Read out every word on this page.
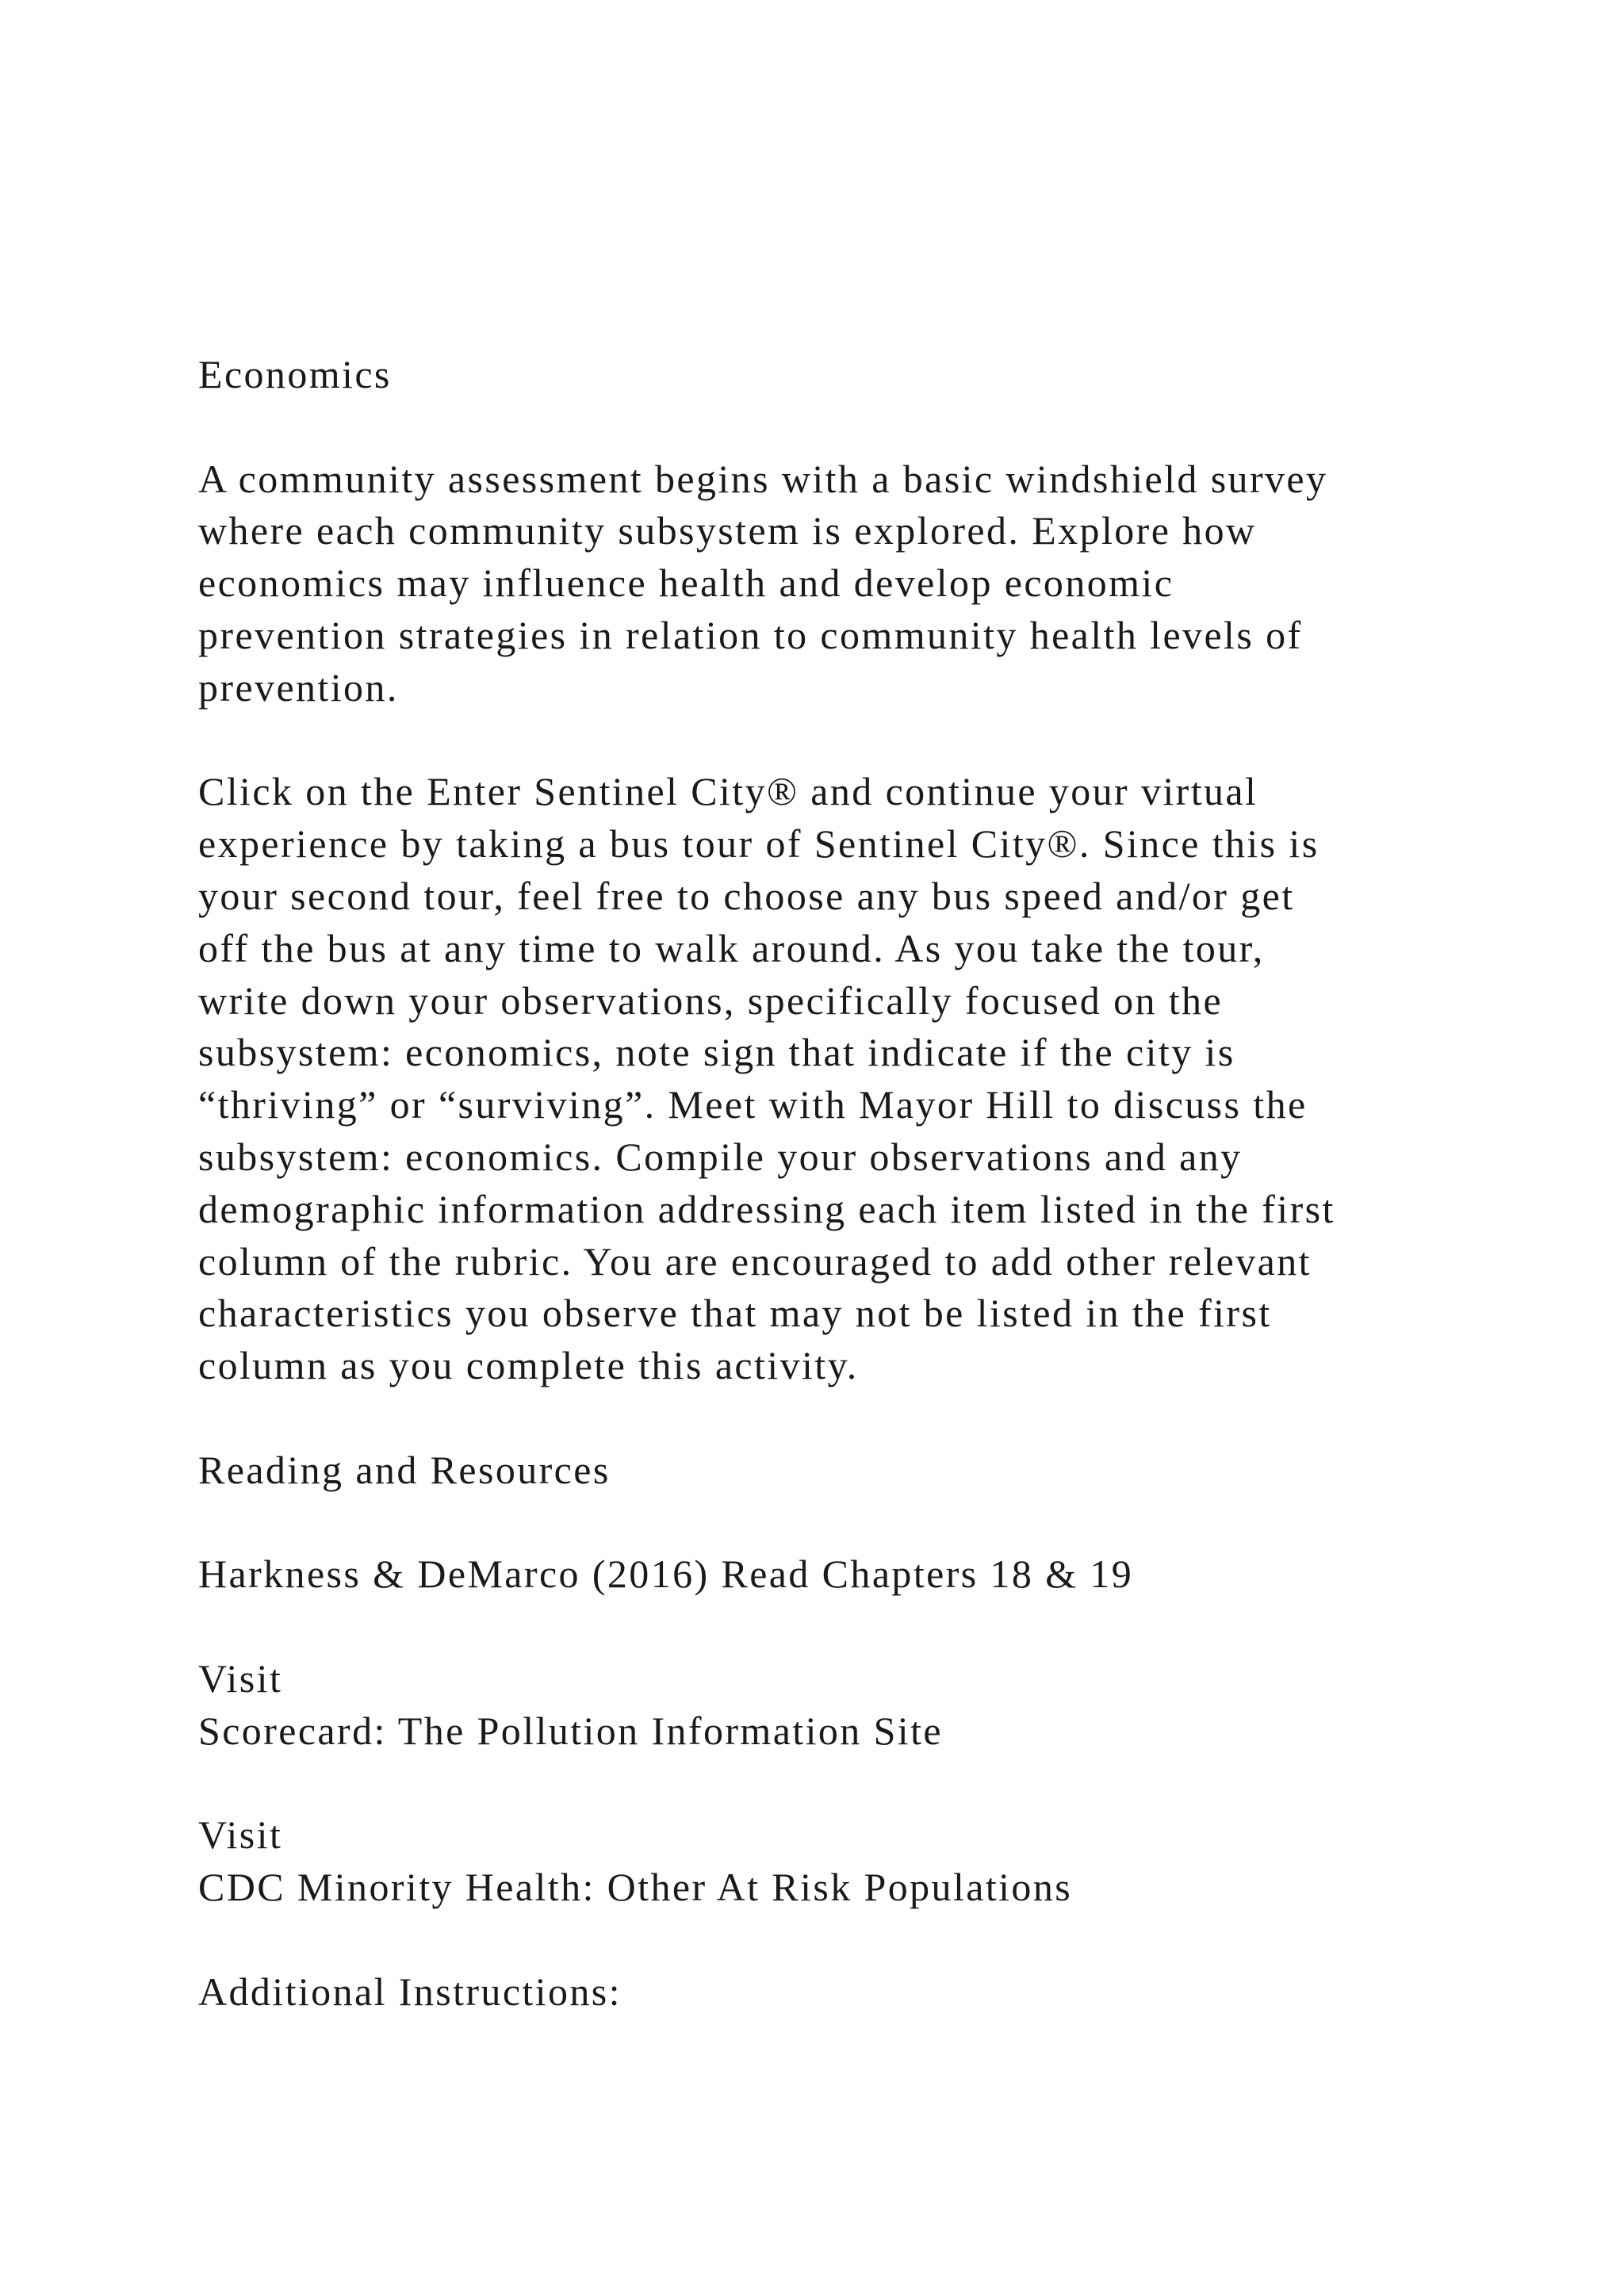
Economics
A community assessment begins with a basic windshield survey
where each community subsystem is explored. Explore how
economics may influence health and develop economic
prevention strategies in relation to community health levels of
prevention.
Click on the Enter Sentinel City® and continue your virtual
experience by taking a bus tour of Sentinel City®. Since this is
your second tour, feel free to choose any bus speed and/or get
off the bus at any time to walk around. As you take the tour,
write down your observations, specifically focused on the
subsystem: economics, note sign that indicate if the city is
“thriving” or “surviving”. Meet with Mayor Hill to discuss the
subsystem: economics. Compile your observations and any
demographic information addressing each item listed in the first
column of the rubric. You are encouraged to add other relevant
characteristics you observe that may not be listed in the first
column as you complete this activity.
Reading and Resources
Harkness & DeMarco (2016) Read Chapters 18 & 19
Visit
Scorecard: The Pollution Information Site
Visit
CDC Minority Health: Other At Risk Populations
Additional Instructions:
